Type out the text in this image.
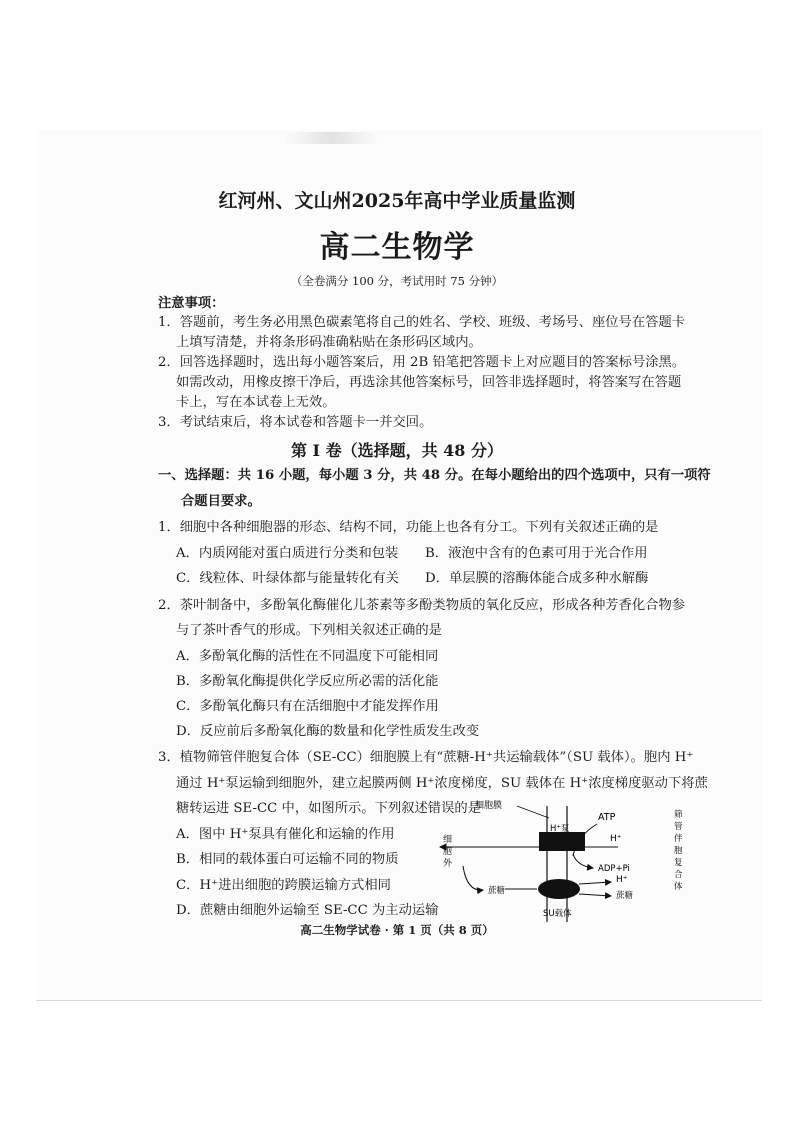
红河州、文山州2025年高中学业质量监测
高二生物学
（全卷满分 100 分，考试用时 75 分钟）
注意事项：
1．答题前，考生务必用黑色碳素笔将自己的姓名、学校、班级、考场号、座位号在答题卡
上填写清楚，并将条形码准确粘贴在条形码区域内。
2．回答选择题时，选出每小题答案后，用 2B 铅笔把答题卡上对应题目的答案标号涂黑。
如需改动，用橡皮擦干净后，再选涂其他答案标号，回答非选择题时，将答案写在答题
卡上，写在本试卷上无效。
3．考试结束后，将本试卷和答题卡一并交回。
第 I 卷（选择题，共 48 分）
一、选择题：共 16 小题，每小题 3 分，共 48 分。在每小题给出的四个选项中，只有一项符
合题目要求。
1．细胞中各种细胞器的形态、结构不同，功能上也各有分工。下列有关叙述正确的是
A．内质网能对蛋白质进行分类和包装 B．液泡中含有的色素可用于光合作用
C．线粒体、叶绿体都与能量转化有关 D．单层膜的溶酶体能合成多种水解酶
2．茶叶制备中，多酚氧化酶催化儿茶素等多酚类物质的氧化反应，形成各种芳香化合物参
与了茶叶香气的形成。下列相关叙述正确的是
A．多酚氧化酶的活性在不同温度下可能相同
B．多酚氧化酶提供化学反应所必需的活化能
C．多酚氧化酶只有在活细胞中才能发挥作用
D．反应前后多酚氧化酶的数量和化学性质发生改变
3．植物筛管伴胞复合体（SE-CC）细胞膜上有“蔗糖-H⁺共运输载体”（SU 载体）。胞内 H⁺
通过 H⁺泵运输到细胞外，建立起膜两侧 H⁺浓度梯度，SU 载体在 H⁺浓度梯度驱动下将蔗
糖转运进 SE-CC 中，如图所示。下列叙述错误的是
A．图中 H⁺泵具有催化和运输的作用
B．相同的载体蛋白可运输不同的物质
C．H⁺进出细胞的跨膜运输方式相同
D．蔗糖由细胞外运输至 SE-CC 为主动运输
细胞膜
ATP
H⁺泵
H⁺
ADP+Pi
细
胞
外
蔗糖
H⁺
蔗糖
SU载体
筛
管
伴
胞
复
合
体
高二生物学试卷 · 第 1 页（共 8 页）
